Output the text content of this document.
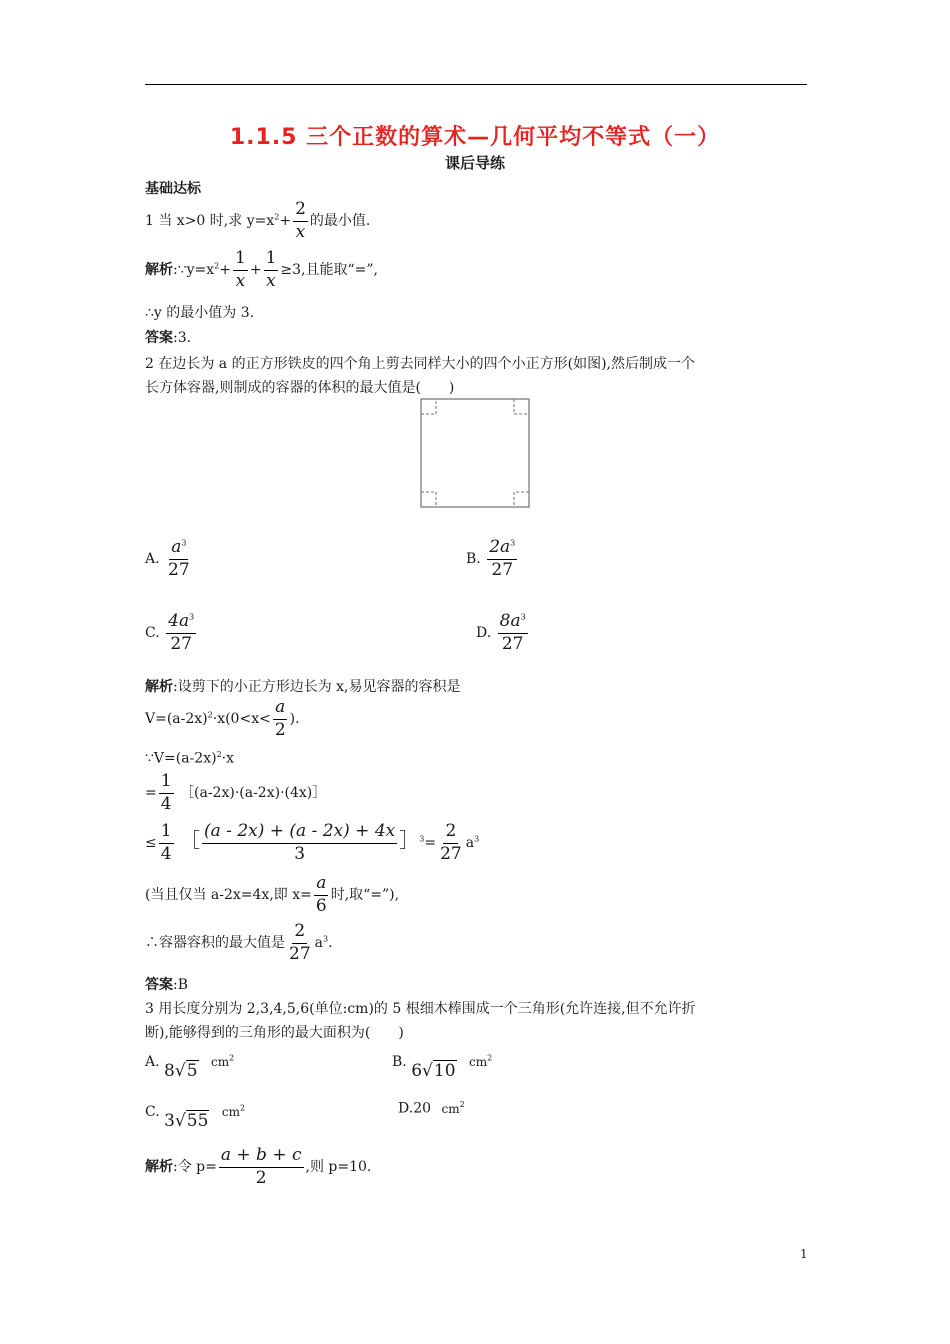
1.1.5 三个正数的算术—几何平均不等式（一）
课后导练
基础达标
1 当 x>0 时,求 $y=x^2+ \frac{2}{x}$ 的最小值.
解析$:\because y=x^2+ \frac{1}{x} + \frac{1}{x} \ge 3$,且能取“=”,
∴y 的最小值为 3.
答案:3.
2 在边长为 a 的正方形铁皮的四个角上剪去同样大小的四个小正方形(如图),然后制成一个
长方体容器,则制成的容器的体积的最大值是(　　)
A. $\frac{a^3}{27}$	B. $\frac{2a^3}{27}$
C. $\frac{4a^3}{27}$	D. $\frac{8a^3}{27}$
解析:设剪下的小正方形边长为 x,易见容器的容积是
$V=(a-2x)^2\cdot x(0<x< \frac{a}{2}$ ).
$\because V=(a-2x)^2\cdot x$
= $\frac{1}{4}$ ［(a-2x)·(a-2x)·(4x)］
≤ $\frac{1}{4}$ ［ $\frac{(a - 2x) + (a - 2x) + 4x}{3}$ ］$^3$= $\frac{2}{27} a^3$
(当且仅当 a-2x=4x,即 $x= \frac{a}{6}$ 时,取“=”),
∴容器容积的最大值是 $\frac{2}{27} a^3$.
答案:B
3 用长度分别为 2,3,4,5,6(单位:cm)的 5 根细木棒围成一个三角形(允许连接,但不允许折
断),能够得到的三角形的最大面积为(　　)
A. 8 √ 5 $cm^2$	B. 6 √ 10 $cm^2$
C. 3 √ 55 $cm^2$	D.20 $cm^2$
解析:令 $p= \frac{a + b + c}{2}$ ,则 p=10.
1
